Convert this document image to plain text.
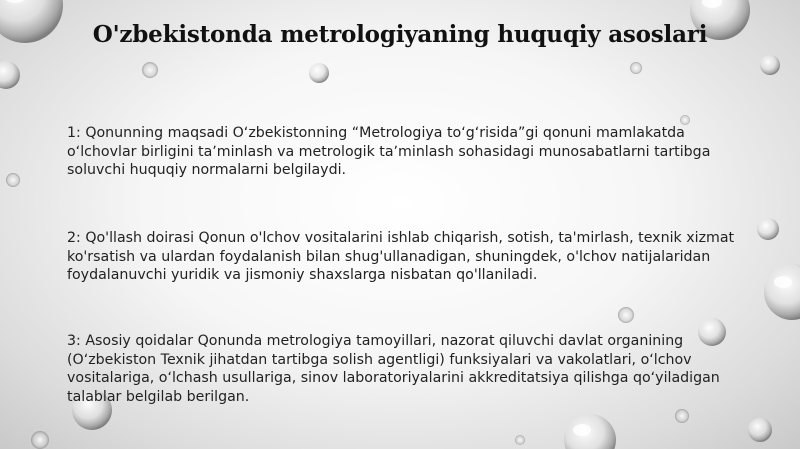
O'zbekistonda metrologiyaning huquqiy asoslari

1: Qonunning maqsadi Oʻzbekistonning “Metrologiya toʻgʻrisida”gi qonuni mamlakatda oʻlchovlar birligini taʼminlash va metrologik taʼminlash sohasidagi munosabatlarni tartibga soluvchi huquqiy normalarni belgilaydi.

2: Qo'llash doirasi Qonun o'lchov vositalarini ishlab chiqarish, sotish, ta'mirlash, texnik xizmat ko'rsatish va ulardan foydalanish bilan shug'ullanadigan, shuningdek, o'lchov natijalaridan foydalanuvchi yuridik va jismoniy shaxslarga nisbatan qo'llaniladi.

3: Asosiy qoidalar Qonunda metrologiya tamoyillari, nazorat qiluvchi davlat organining (Oʻzbekiston Texnik jihatdan tartibga solish agentligi) funksiyalari va vakolatlari, oʻlchov vositalariga, oʻlchash usullariga, sinov laboratoriyalarini akkreditatsiya qilishga qoʻyiladigan talablar belgilab berilgan.
